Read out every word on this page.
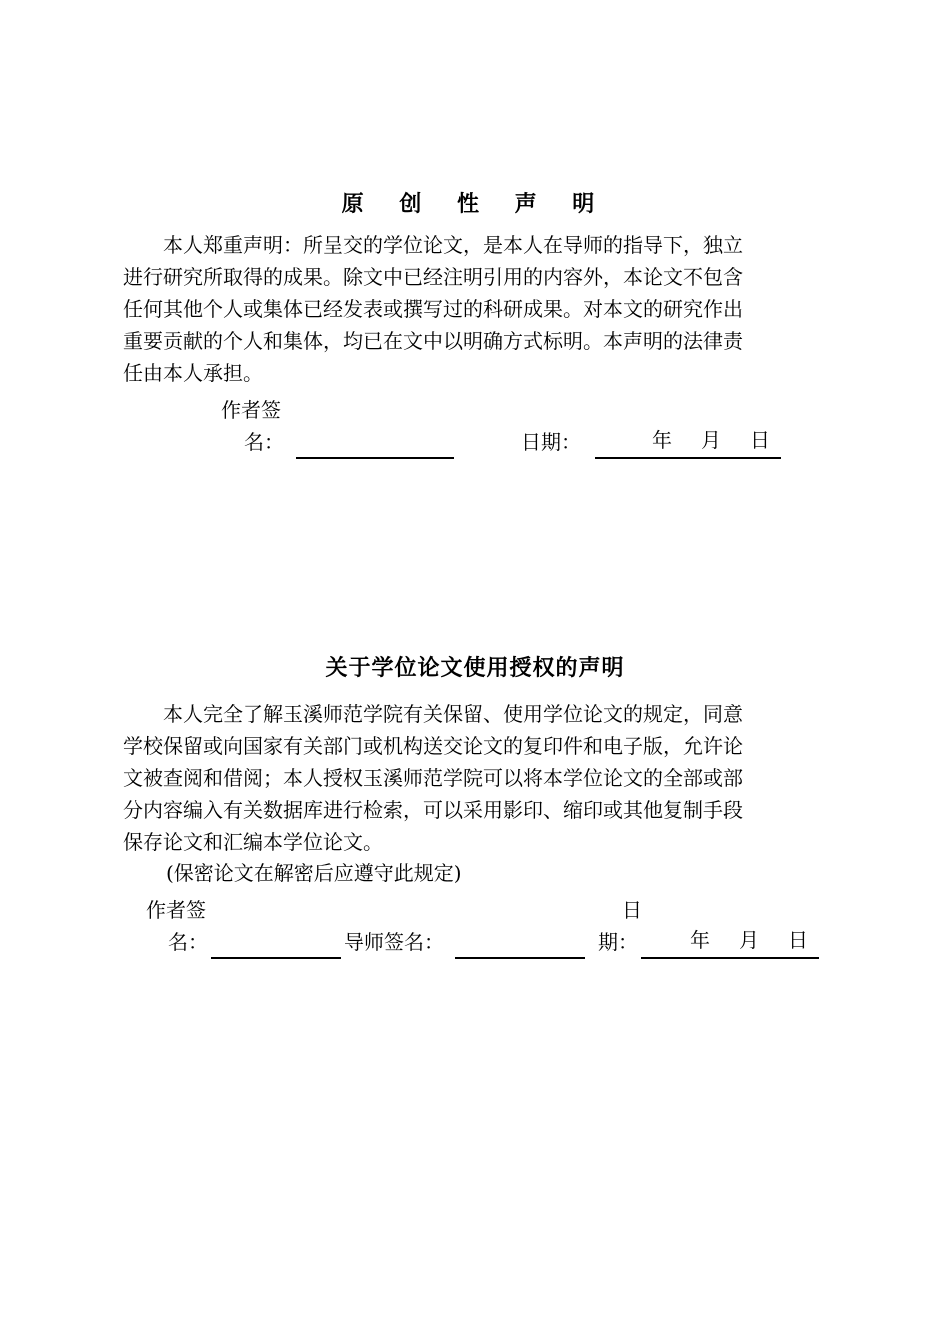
原 创 性 声 明
　　本人郑重声明：所呈交的学位论文，是本人在导师的指导下，独立
进行研究所取得的成果。除文中已经注明引用的内容外，本论文不包含
任何其他个人或集体已经发表或撰写过的科研成果。对本文的研究作出
重要贡献的个人和集体，均已在文中以明确方式标明。本声明的法律责
任由本人承担。
作者签
名：	日期：	年 月 日
关于学位论文使用授权的声明
　　本人完全了解玉溪师范学院有关保留、使用学位论文的规定，同意
学校保留或向国家有关部门或机构送交论文的复印件和电子版，允许论
文被查阅和借阅；本人授权玉溪师范学院可以将本学位论文的全部或部
分内容编入有关数据库进行检索，可以采用影印、缩印或其他复制手段
保存论文和汇编本学位论文。
(保密论文在解密后应遵守此规定)
作者签
名：	导师签名：
日
期：	年 月 日
